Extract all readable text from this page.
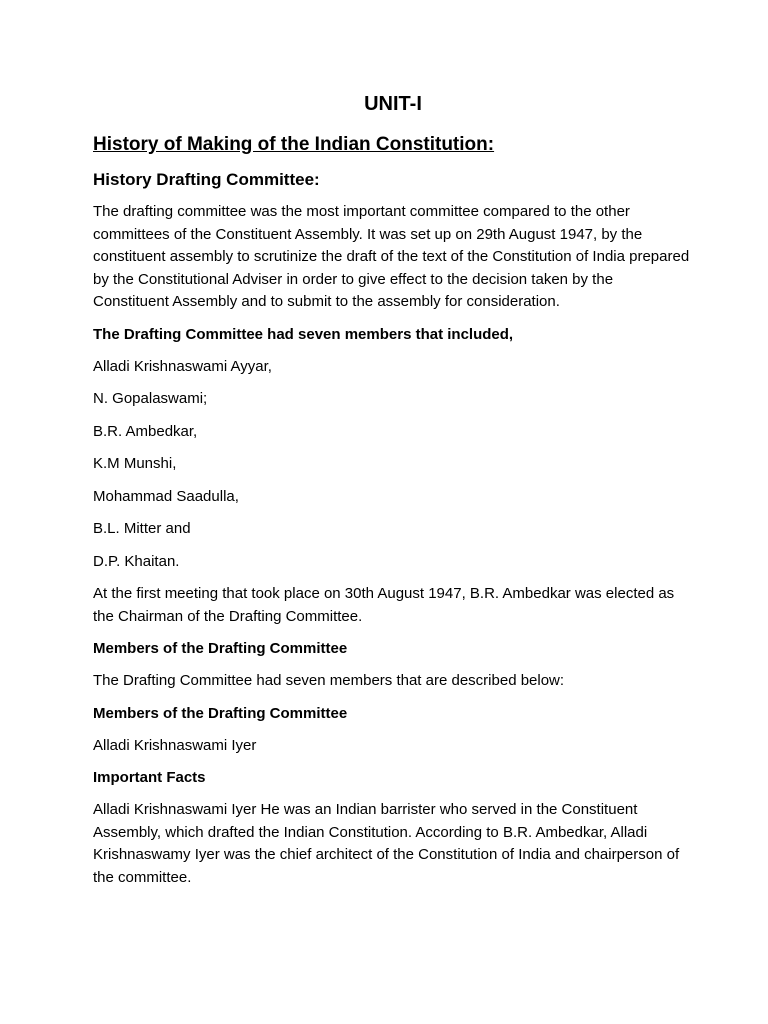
UNIT-I
History of Making of the Indian Constitution:
History Drafting Committee:

The drafting committee was the most important committee compared to the other committees of the Constituent Assembly. It was set up on 29th August 1947, by the constituent assembly to scrutinize the draft of the text of the Constitution of India prepared by the Constitutional Adviser in order to give effect to the decision taken by the Constituent Assembly and to submit to the assembly for consideration.

The Drafting Committee had seven members that included,
Alladi Krishnaswami Ayyar,
N. Gopalaswami;
B.R. Ambedkar,
K.M Munshi,
Mohammad Saadulla,
B.L. Mitter and
D.P. Khaitan.

At the first meeting that took place on 30th August 1947, B.R. Ambedkar was elected as the Chairman of the Drafting Committee.

Members of the Drafting Committee
The Drafting Committee had seven members that are described below:
Members of the Drafting Committee
Alladi Krishnaswami Iyer
Important Facts

Alladi Krishnaswami Iyer He was an Indian barrister who served in the Constituent Assembly, which drafted the Indian Constitution. According to B.R. Ambedkar, Alladi Krishnaswamy Iyer was the chief architect of the Constitution of India and chairperson of the committee.
